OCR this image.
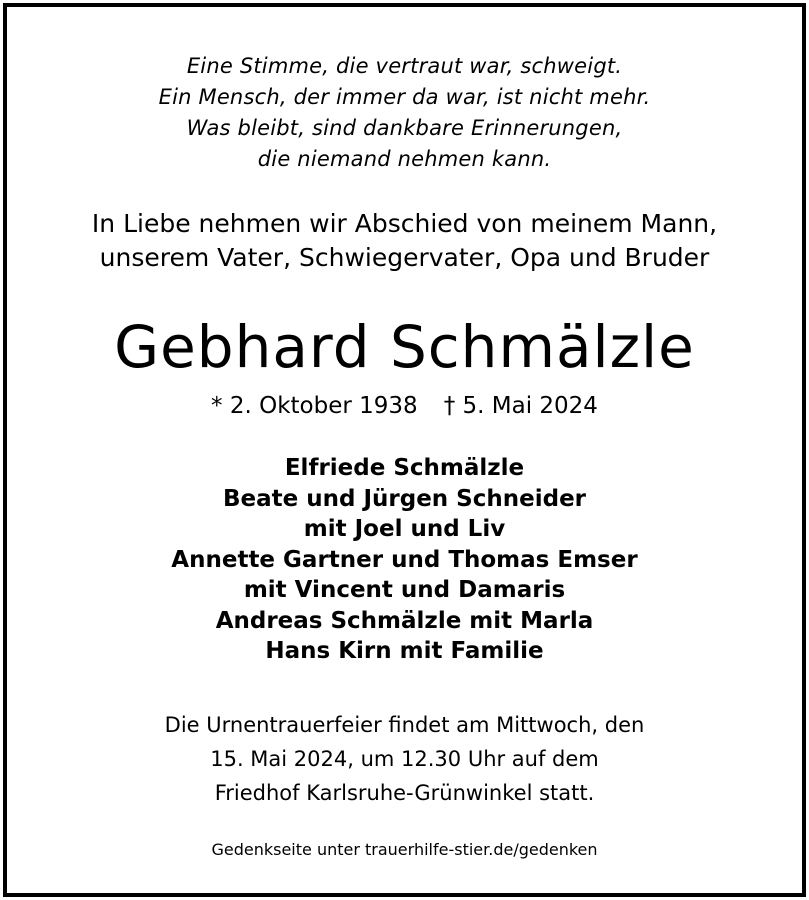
Eine Stimme, die vertraut war, schweigt.
Ein Mensch, der immer da war, ist nicht mehr.
Was bleibt, sind dankbare Erinnerungen,
die niemand nehmen kann.
In Liebe nehmen wir Abschied von meinem Mann,
unserem Vater, Schwiegervater, Opa und Bruder
Gebhard Schmälzle
* 2. Oktober 1938 † 5. Mai 2024
Elfriede Schmälzle
Beate und Jürgen Schneider
mit Joel und Liv
Annette Gartner und Thomas Emser
mit Vincent und Damaris
Andreas Schmälzle mit Marla
Hans Kirn mit Familie
Die Urnentrauerfeier findet am Mittwoch, den
15. Mai 2024, um 12.30 Uhr auf dem
Friedhof Karlsruhe-Grünwinkel statt.
Gedenkseite unter trauerhilfe-stier.de/gedenken
